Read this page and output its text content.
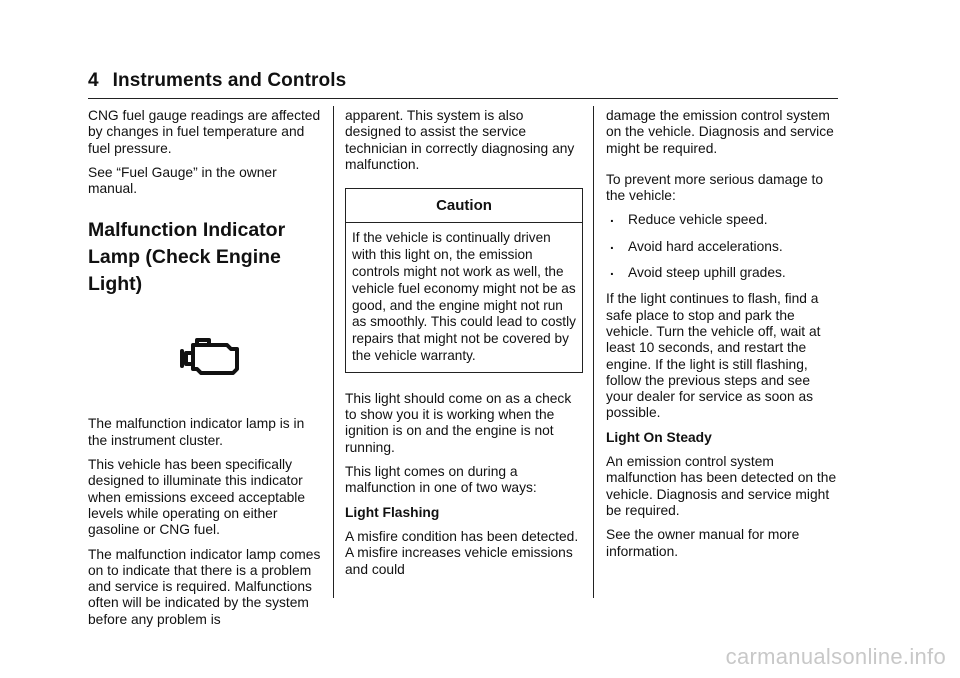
4 Instruments and Controls

CNG fuel gauge readings are affected by changes in fuel temperature and fuel pressure.

See “Fuel Gauge” in the owner manual.

Malfunction Indicator Lamp (Check Engine Light)

The malfunction indicator lamp is in the instrument cluster.

This vehicle has been specifically designed to illuminate this indicator when emissions exceed acceptable levels while operating on either gasoline or CNG fuel.

The malfunction indicator lamp comes on to indicate that there is a problem and service is required. Malfunctions often will be indicated by the system before any problem is

apparent. This system is also designed to assist the service technician in correctly diagnosing any malfunction.

Caution
If the vehicle is continually driven with this light on, the emission controls might not work as well, the vehicle fuel economy might not be as good, and the engine might not run as smoothly. This could lead to costly repairs that might not be covered by the vehicle warranty.

This light should come on as a check to show you it is working when the ignition is on and the engine is not running.

This light comes on during a malfunction in one of two ways:

Light Flashing

A misfire condition has been detected. A misfire increases vehicle emissions and could

damage the emission control system on the vehicle. Diagnosis and service might be required.

To prevent more serious damage to the vehicle:

. Reduce vehicle speed.
. Avoid hard accelerations.
. Avoid steep uphill grades.

If the light continues to flash, find a safe place to stop and park the vehicle. Turn the vehicle off, wait at least 10 seconds, and restart the engine. If the light is still flashing, follow the previous steps and see your dealer for service as soon as possible.

Light On Steady

An emission control system malfunction has been detected on the vehicle. Diagnosis and service might be required.

See the owner manual for more information.

carmanualsonline.info
